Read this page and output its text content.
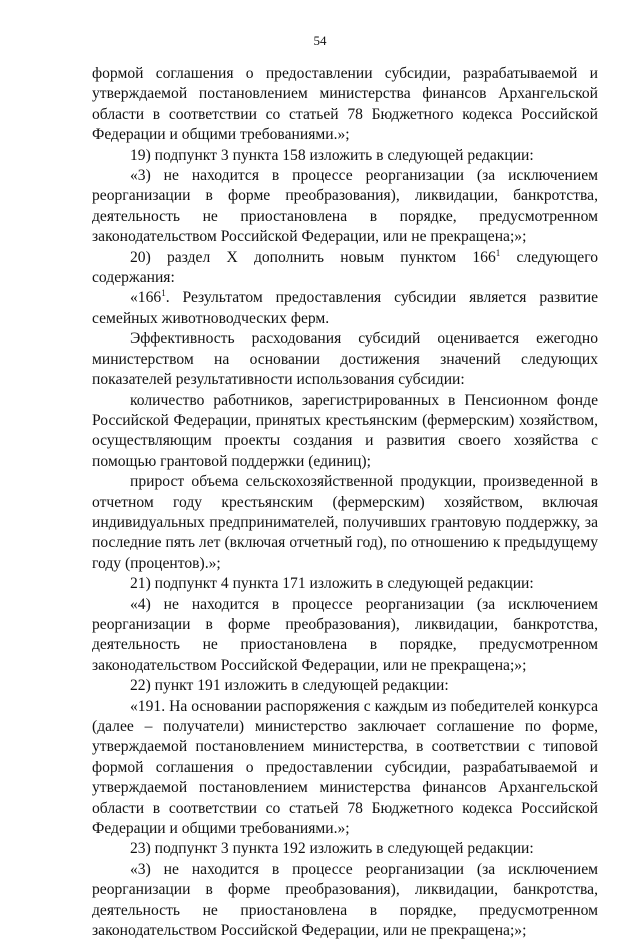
54

формой соглашения о предоставлении субсидии, разрабатываемой и утверждаемой постановлением министерства финансов Архангельской области в соответствии со статьей 78 Бюджетного кодекса Российской Федерации и общими требованиями.»;

19) подпункт 3 пункта 158 изложить в следующей редакции:

«3) не находится в процессе реорганизации (за исключением реорганизации в форме преобразования), ликвидации, банкротства, деятельность не приостановлена в порядке, предусмотренном законодательством Российской Федерации, или не прекращена;»;

20) раздел X дополнить новым пунктом $166^1$ следующего содержания:

«$166^1$. Результатом предоставления субсидии является развитие семейных животноводческих ферм.

Эффективность расходования субсидий оценивается ежегодно министерством на основании достижения значений следующих показателей результативности использования субсидии:

количество работников, зарегистрированных в Пенсионном фонде Российской Федерации, принятых крестьянским (фермерским) хозяйством, осуществляющим проекты создания и развития своего хозяйства с помощью грантовой поддержки (единиц);

прирост объема сельскохозяйственной продукции, произведенной в отчетном году крестьянским (фермерским) хозяйством, включая индивидуальных предпринимателей, получивших грантовую поддержку, за последние пять лет (включая отчетный год), по отношению к предыдущему году (процентов).»;

21) подпункт 4 пункта 171 изложить в следующей редакции:

«4) не находится в процессе реорганизации (за исключением реорганизации в форме преобразования), ликвидации, банкротства, деятельность не приостановлена в порядке, предусмотренном законодательством Российской Федерации, или не прекращена;»;

22) пункт 191 изложить в следующей редакции:

«191. На основании распоряжения с каждым из победителей конкурса (далее – получатели) министерство заключает соглашение по форме, утверждаемой постановлением министерства, в соответствии с типовой формой соглашения о предоставлении субсидии, разрабатываемой и утверждаемой постановлением министерства финансов Архангельской области в соответствии со статьей 78 Бюджетного кодекса Российской Федерации и общими требованиями.»;

23) подпункт 3 пункта 192 изложить в следующей редакции:

«3) не находится в процессе реорганизации (за исключением реорганизации в форме преобразования), ликвидации, банкротства, деятельность не приостановлена в порядке, предусмотренном законодательством Российской Федерации, или не прекращена;»;
